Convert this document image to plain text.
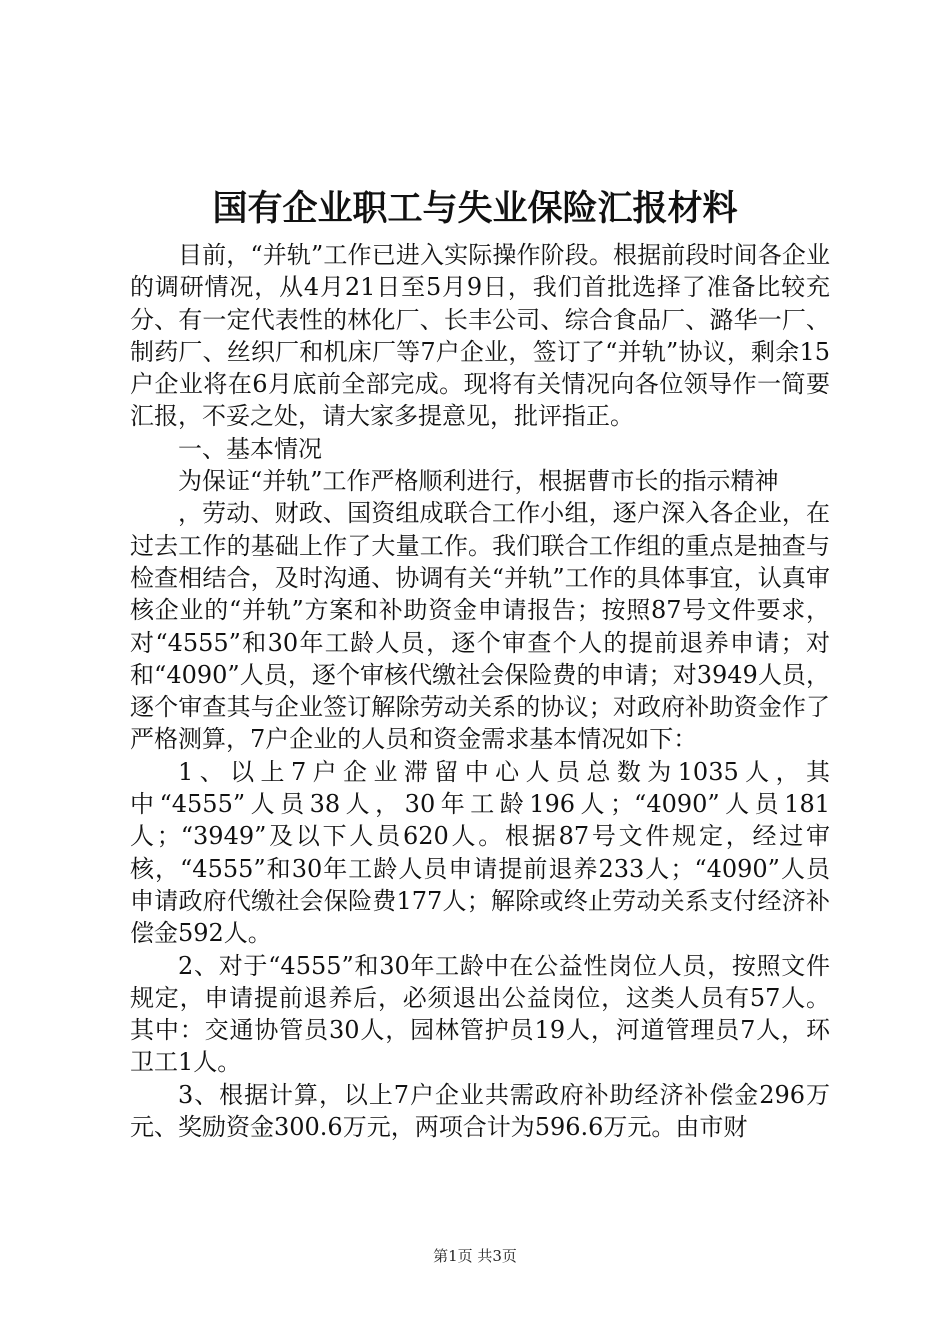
国有企业职工与失业保险汇报材料

目前，“并轨”工作已进入实际操作阶段。根据前段时间各企业的调研情况，从4月21日至5月9日，我们首批选择了准备比较充分、有一定代表性的林化厂、长丰公司、综合食品厂、潞华一厂、制药厂、丝织厂和机床厂等7户企业，签订了“并轨”协议，剩余15户企业将在6月底前全部完成。现将有关情况向各位领导作一简要汇报，不妥之处，请大家多提意见，批评指正。

一、基本情况

为保证“并轨”工作严格顺利进行，根据曹市长的指示精神

，劳动、财政、国资组成联合工作小组，逐户深入各企业，在过去工作的基础上作了大量工作。我们联合工作组的重点是抽查与检查相结合，及时沟通、协调有关“并轨”工作的具体事宜，认真审核企业的“并轨”方案和补助资金申请报告；按照87号文件要求，对“4555”和30年工龄人员，逐个审查个人的提前退养申请；对和“4090”人员，逐个审核代缴社会保险费的申请；对3949人员，逐个审查其与企业签订解除劳动关系的协议；对政府补助资金作了严格测算，7户企业的人员和资金需求基本情况如下：

1、以上7户企业滞留中心人员总数为1035人，其中“4555”人员38人，30年工龄196人；“4090”人员181人；“3949”及以下人员620人。根据87号文件规定，经过审核，“4555”和30年工龄人员申请提前退养233人；“4090”人员申请政府代缴社会保险费177人；解除或终止劳动关系支付经济补偿金592人。

2、对于“4555”和30年工龄中在公益性岗位人员，按照文件规定，申请提前退养后，必须退出公益岗位，这类人员有57人。其中：交通协管员30人，园林管护员19人，河道管理员7人，环卫工1人。

3、根据计算，以上7户企业共需政府补助经济补偿金296万元、奖励资金300.6万元，两项合计为596.6万元。由市财

第1页 共3页
